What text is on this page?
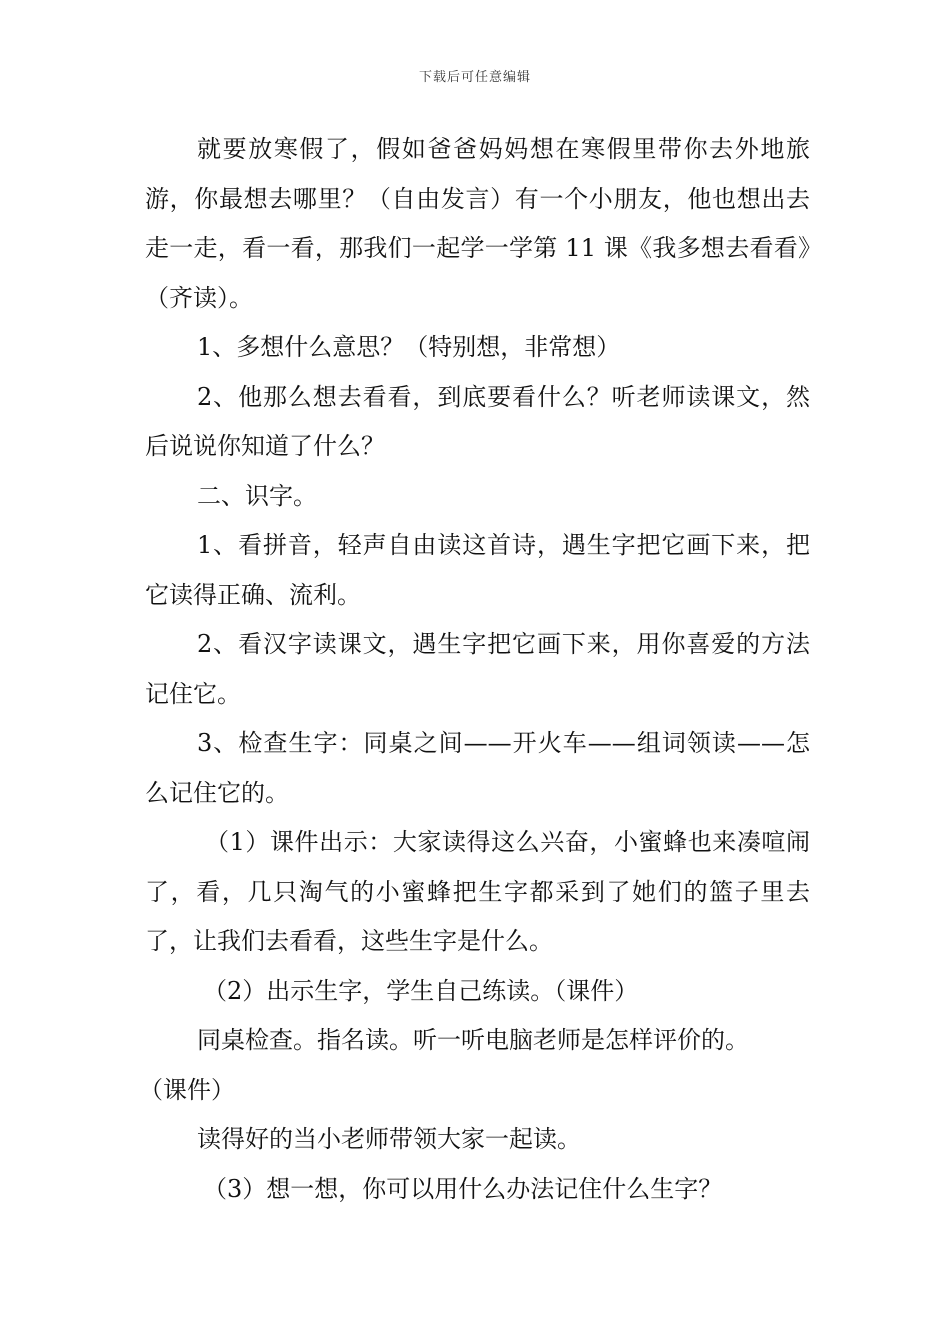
下载后可任意编辑

就要放寒假了，假如爸爸妈妈想在寒假里带你去外地旅游，你最想去哪里？（自由发言）有一个小朋友，他也想出去走一走，看一看，那我们一起学一学第 11 课《我多想去看看》（齐读）。

1、多想什么意思？（特别想，非常想）

2、他那么想去看看，到底要看什么？听老师读课文，然后说说你知道了什么？

二、识字。

1、看拼音，轻声自由读这首诗，遇生字把它画下来，把它读得正确、流利。

2、看汉字读课文，遇生字把它画下来，用你喜爱的方法记住它。

3、检查生字：同桌之间——开火车——组词领读——怎么记住它的。

（1）课件出示：大家读得这么兴奋，小蜜蜂也来凑喧闹了，看，几只淘气的小蜜蜂把生字都采到了她们的篮子里去了，让我们去看看，这些生字是什么。

（2）出示生字，学生自己练读。（课件）

同桌检查。指名读。听一听电脑老师是怎样评价的。

（课件）

读得好的当小老师带领大家一起读。

（3）想一想，你可以用什么办法记住什么生字？
